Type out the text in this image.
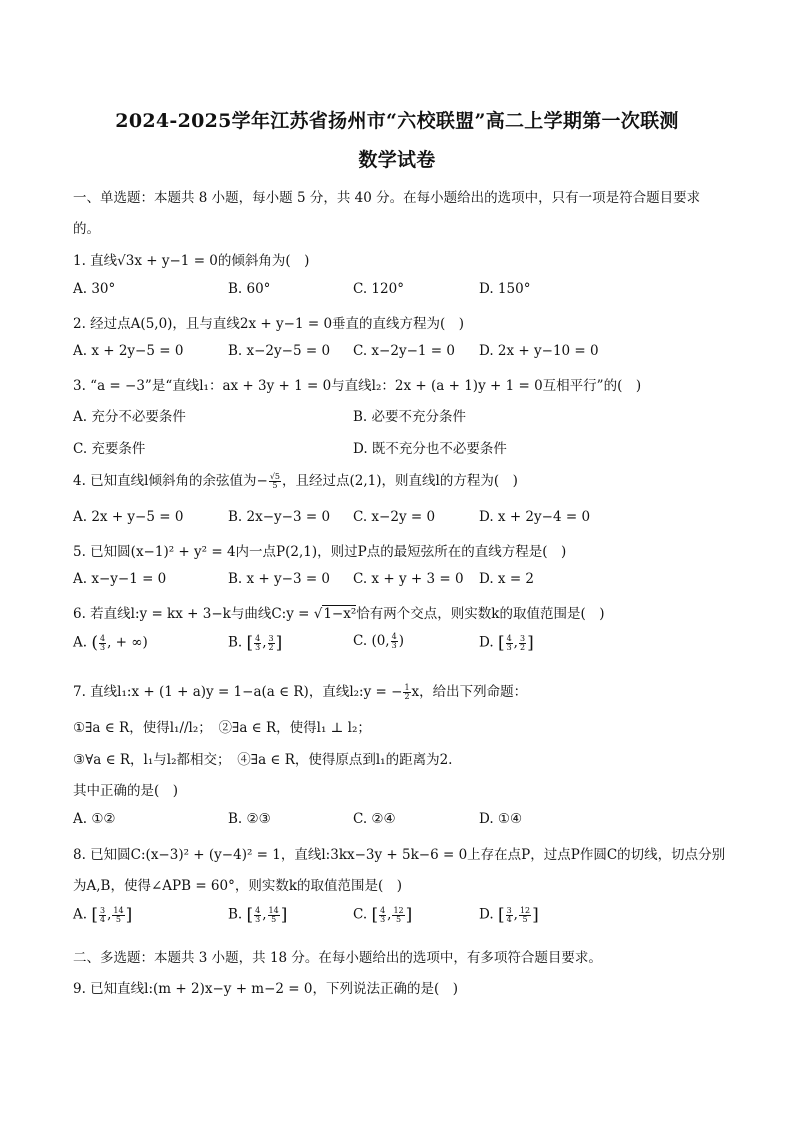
2024-2025学年江苏省扬州市“六校联盟”高二上学期第一次联测
数学试卷
一、单选题：本题共 8 小题，每小题 5 分，共 40 分。在每小题给出的选项中，只有一项是符合题目要求
的。
1. 直线√3x + y−1 = 0的倾斜角为(　)
A. 30°	B. 60°	C. 120°	D. 150°
2. 经过点A(5,0)，且与直线2x + y−1 = 0垂直的直线方程为(　)
A. x + 2y−5 = 0	B. x−2y−5 = 0 C. x−2y−1 = 0 D. 2x + y−10 = 0
3. “a = −3”是“直线l₁：ax + 3y + 1 = 0与直线l₂：2x + (a + 1)y + 1 = 0互相平行”的(　)
A. 充分不必要条件	B. 必要不充分条件
C. 充要条件	D. 既不充分也不必要条件
4. 已知直线l倾斜角的余弦值为− $\frac{√5}{5}$ ，且经过点(2,1)，则直线l的方程为(　)
A. 2x + y−5 = 0	B. 2x−y−3 = 0 C. x−2y = 0	D. x + 2y−4 = 0
5. 已知圆(x−1)² + y² = 4内一点P(2,1)，则过P点的最短弦所在的直线方程是(　)
A. x−y−1 = 0	B. x + y−3 = 0 C. x + y + 3 = 0 D. x = 2
6. 若直线l:y = kx + 3−k与曲线C:y = √1−x²恰有两个交点，则实数k的取值范围是(　)
A. ( $\frac{4}{3}$ , + ∞)	B. [ $\frac{4}{3}$ , $\frac{3}{2}$ ]	C. (0, $\frac{4}{3}$ )	D. [ $\frac{4}{3}$ , $\frac{3}{2}$ ]
7. 直线l₁:x + (1 + a)y = 1−a(a ∈ R)，直线l₂:y = − $\frac{1}{2}$ x，给出下列命题：
①∃a ∈ R，使得l₁//l₂；　②∃a ∈ R，使得l₁ ⊥ l₂；
③∀a ∈ R，l₁与l₂都相交；　④∃a ∈ R，使得原点到l₁的距离为2.
其中正确的是(　)
A. ①②	B. ②③	C. ②④	D. ①④
8. 已知圆C:(x−3)² + (y−4)² = 1，直线l:3kx−3y + 5k−6 = 0上存在点P，过点P作圆C的切线，切点分别
为A,B，使得∠APB = 60°，则实数k的取值范围是(　)
A. [ $\frac{3}{4}$ , $\frac{14}{5}$ ]	B. [ $\frac{4}{3}$ , $\frac{14}{5}$ ]	C. [ $\frac{4}{3}$ , $\frac{12}{5}$ ]	D. [ $\frac{3}{4}$ , $\frac{12}{5}$ ]
二、多选题：本题共 3 小题，共 18 分。在每小题给出的选项中，有多项符合题目要求。
9. 已知直线l:(m + 2)x−y + m−2 = 0，下列说法正确的是(　)
